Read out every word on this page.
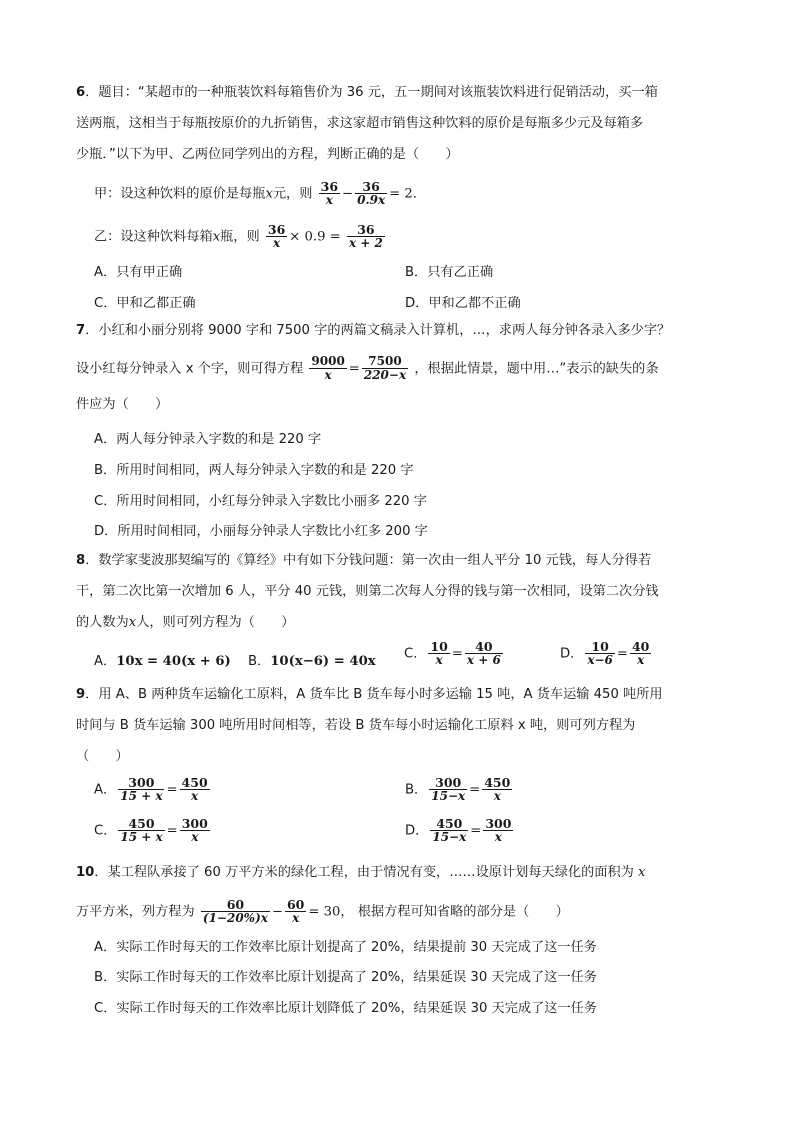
6．题目：“某超市的一种瓶装饮料每箱售价为 36 元，五一期间对该瓶装饮料进行促销活动，买一箱
送两瓶，这相当于每瓶按原价的九折销售，求这家超市销售这种饮料的原价是每瓶多少元及每箱多
少瓶．”以下为甲、乙两位同学列出的方程，判断正确的是（　　）
甲：设这种饮料的原价是每瓶x元，则 $\frac{36}{x} - \frac{36}{0.9x} = 2$．
乙：设这种饮料每箱x瓶，则 $\frac{36}{x} \times 0.9 = \frac{36}{x + 2}$
A．只有甲正确	B．只有乙正确
C．甲和乙都正确	D．甲和乙都不正确
7．小红和小丽分别将 9000 字和 7500 字的两篇文稿录入计算机，…，求两人每分钟各录入多少字？
设小红每分钟录入 x 个字，则可得方程 $\frac{9000}{x} = \frac{7500}{220-x}$ ，根据此情景，题中用…”表示的缺失的条
件应为（　　）
A．两人每分钟录入字数的和是 220 字
B．所用时间相同，两人每分钟录入字数的和是 220 字
C．所用时间相同，小红每分钟录入字数比小丽多 220 字
D．所用时间相同，小丽每分钟录人字数比小红多 200 字
8．数学家斐波那契编写的《算经》中有如下分钱问题：第一次由一组人平分 10 元钱，每人分得若
干，第二次比第一次增加 6 人，平分 40 元钱，则第二次每人分得的钱与第一次相同，设第二次分钱
的人数为x人，则可列方程为（　　）
A．10x = 40(x + 6) B．10(x−6) = 40x C． $\frac{10}{x} = \frac{40}{x + 6}$	D． $\frac{10}{x-6} = \frac{40}{x}$
9．用 A、B 两种货车运输化工原料，A 货车比 B 货车每小时多运输 15 吨，A 货车运输 450 吨所用
时间与 B 货车运输 300 吨所用时间相等，若设 B 货车每小时运输化工原料 x 吨，则可列方程为
（　　）
A． $\frac{300}{15 + x} = \frac{450}{x}$	B． $\frac{300}{15-x} = \frac{450}{x}$
C． $\frac{450}{15 + x} = \frac{300}{x}$	D． $\frac{450}{15-x} = \frac{300}{x}$
10．某工程队承接了 60 万平方米的绿化工程，由于情况有变，……设原计划每天绿化的面积为 x
万平方米，列方程为 $\frac{60}{(1-20\%)x} - \frac{60}{x} = 30$， 根据方程可知省略的部分是（　　）
A．实际工作时每天的工作效率比原计划提高了 20%，结果提前 30 天完成了这一任务
B．实际工作时每天的工作效率比原计划提高了 20%，结果延误 30 天完成了这一任务
C．实际工作时每天的工作效率比原计划降低了 20%，结果延误 30 天完成了这一任务
